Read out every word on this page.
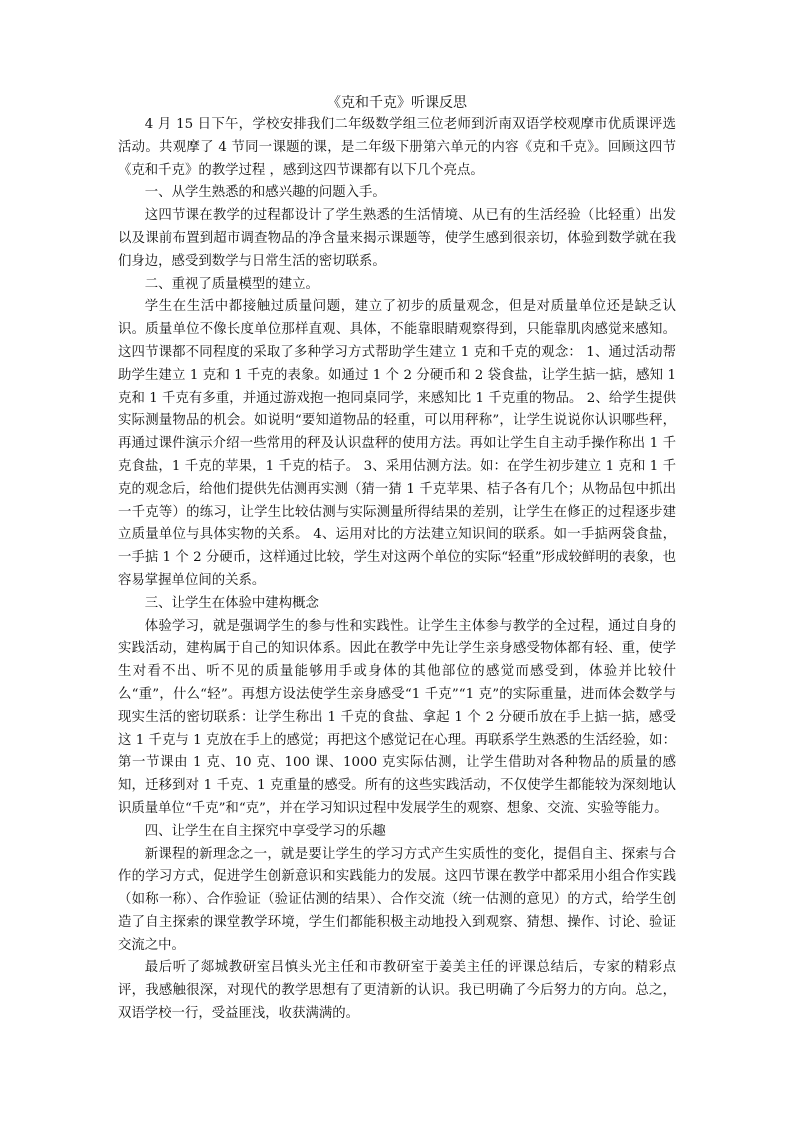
《克和千克》听课反思

4 月 15 日下午，学校安排我们二年级数学组三位老师到沂南双语学校观摩市优质课评选活动。共观摩了 4 节同一课题的课，是二年级下册第六单元的内容《克和千克》。回顾这四节《克和千克》的教学过程 ，感到这四节课都有以下几个亮点。

一、从学生熟悉的和感兴趣的问题入手。

这四节课在教学的过程都设计了学生熟悉的生活情境、从已有的生活经验（比轻重）出发以及课前布置到超市调查物品的净含量来揭示课题等，使学生感到很亲切，体验到数学就在我们身边，感受到数学与日常生活的密切联系。

二、重视了质量模型的建立。

学生在生活中都接触过质量问题，建立了初步的质量观念，但是对质量单位还是缺乏认识。质量单位不像长度单位那样直观、具体，不能靠眼睛观察得到，只能靠肌肉感觉来感知。这四节课都不同程度的采取了多种学习方式帮助学生建立 1 克和千克的观念： 1、通过活动帮助学生建立 1 克和 1 千克的表象。如通过 1 个 2 分硬币和 2 袋食盐，让学生掂一掂，感知 1 克和 1 千克有多重，并通过游戏抱一抱同桌同学，来感知比 1 千克重的物品。 2、给学生提供实际测量物品的机会。如说明“要知道物品的轻重，可以用秤称”，让学生说说你认识哪些秤，再通过课件演示介绍一些常用的秤及认识盘秤的使用方法。再如让学生自主动手操作称出 1 千克食盐，1 千克的苹果，1 千克的桔子。 3、采用估测方法。如：在学生初步建立 1 克和 1 千克的观念后，给他们提供先估测再实测（猜一猜 1 千克苹果、桔子各有几个；从物品包中抓出一千克等）的练习，让学生比较估测与实际测量所得结果的差别，让学生在修正的过程逐步建立质量单位与具体实物的关系。 4、运用对比的方法建立知识间的联系。如一手掂两袋食盐，一手掂 1 个 2 分硬币，这样通过比较，学生对这两个单位的实际“轻重”形成较鲜明的表象，也容易掌握单位间的关系。

三、让学生在体验中建构概念

体验学习，就是强调学生的参与性和实践性。让学生主体参与教学的全过程，通过自身的实践活动，建构属于自己的知识体系。因此在教学中先让学生亲身感受物体都有轻、重，使学生对看不出、听不见的质量能够用手或身体的其他部位的感觉而感受到，体验并比较什么“重”，什么“轻”。再想方设法使学生亲身感受“1 千克”“1 克”的实际重量，进而体会数学与现实生活的密切联系：让学生称出 1 千克的食盐、拿起 1 个 2 分硬币放在手上掂一掂，感受这 1 千克与 1 克放在手上的感觉；再把这个感觉记在心理。再联系学生熟悉的生活经验，如：第一节课由 1 克、10 克、100 课、1000 克实际估测，让学生借助对各种物品的质量的感知，迁移到对 1 千克、1 克重量的感受。所有的这些实践活动，不仅使学生都能较为深刻地认识质量单位“千克”和“克”，并在学习知识过程中发展学生的观察、想象、交流、实验等能力。

四、让学生在自主探究中享受学习的乐趣

新课程的新理念之一，就是要让学生的学习方式产生实质性的变化，提倡自主、探索与合作的学习方式，促进学生创新意识和实践能力的发展。这四节课在教学中都采用小组合作实践（如称一称）、合作验证（验证估测的结果）、合作交流（统一估测的意见）的方式，给学生创造了自主探索的课堂教学环境，学生们都能积极主动地投入到观察、猜想、操作、讨论、验证交流之中。

最后听了郯城教研室吕慎头光主任和市教研室于姜美主任的评课总结后，专家的精彩点评，我感触很深，对现代的教学思想有了更清新的认识。我已明确了今后努力的方向。总之，双语学校一行，受益匪浅，收获满满的。
